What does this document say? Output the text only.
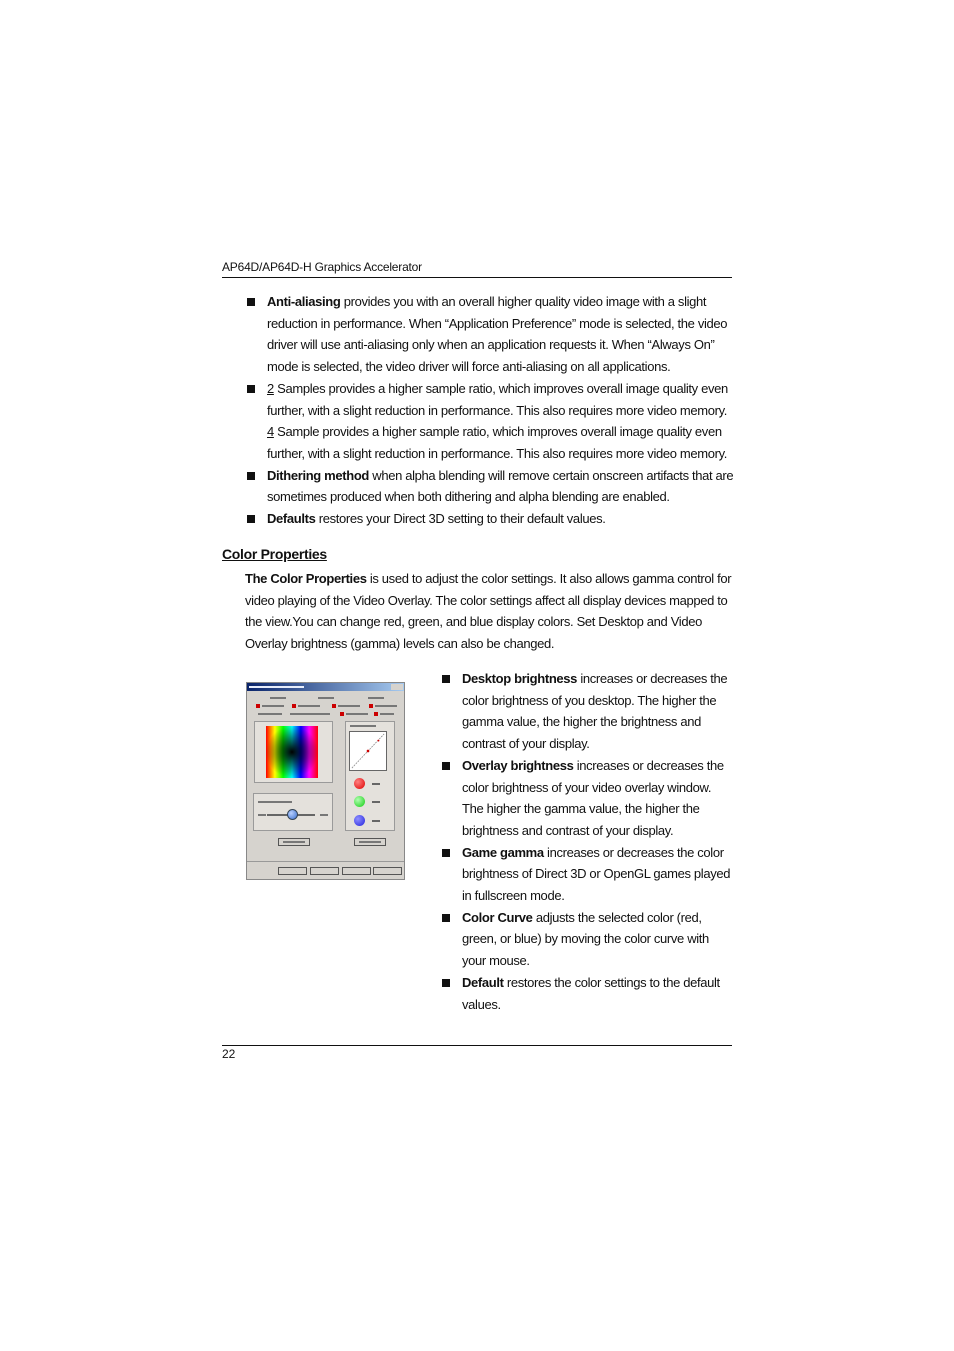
AP64D/AP64D-H Graphics Accelerator
Anti-aliasing provides you with an overall higher quality video image with a slight reduction in performance. When “Application Preference” mode is selected, the video driver will use anti-aliasing only when an application requests it. When “Always On” mode is selected, the video driver will force anti-aliasing on all applications.
2 Samples provides a higher sample ratio, which improves overall image quality even further, with a slight reduction in performance. This also requires more video memory.
4 Sample provides a higher sample ratio, which improves overall image quality even further, with a slight reduction in performance. This also requires more video memory.
Dithering method when alpha blending will remove certain onscreen artifacts that are sometimes produced when both dithering and alpha blending are enabled.
Defaults restores your Direct 3D setting to their default values.
Color Properties

The Color Properties is used to adjust the color settings. It also allows gamma control for video playing of the Video Overlay. The color settings affect all display devices mapped to the view.You can change red, green, and blue display colors. Set Desktop and Video Overlay brightness (gamma) levels can also be changed.

Desktop brightness increases or decreases the color brightness of you desktop. The higher the gamma value, the higher the brightness and contrast of your display.
Overlay brightness increases or decreases the color brightness of your video overlay window. The higher the gamma value, the higher the brightness and contrast of your display.
Game gamma increases or decreases the color brightness of Direct 3D or OpenGL games played in fullscreen mode.
Color Curve adjusts the selected color (red, green, or blue) by moving the color curve with your mouse.
Default restores the color settings to the default values.
22
